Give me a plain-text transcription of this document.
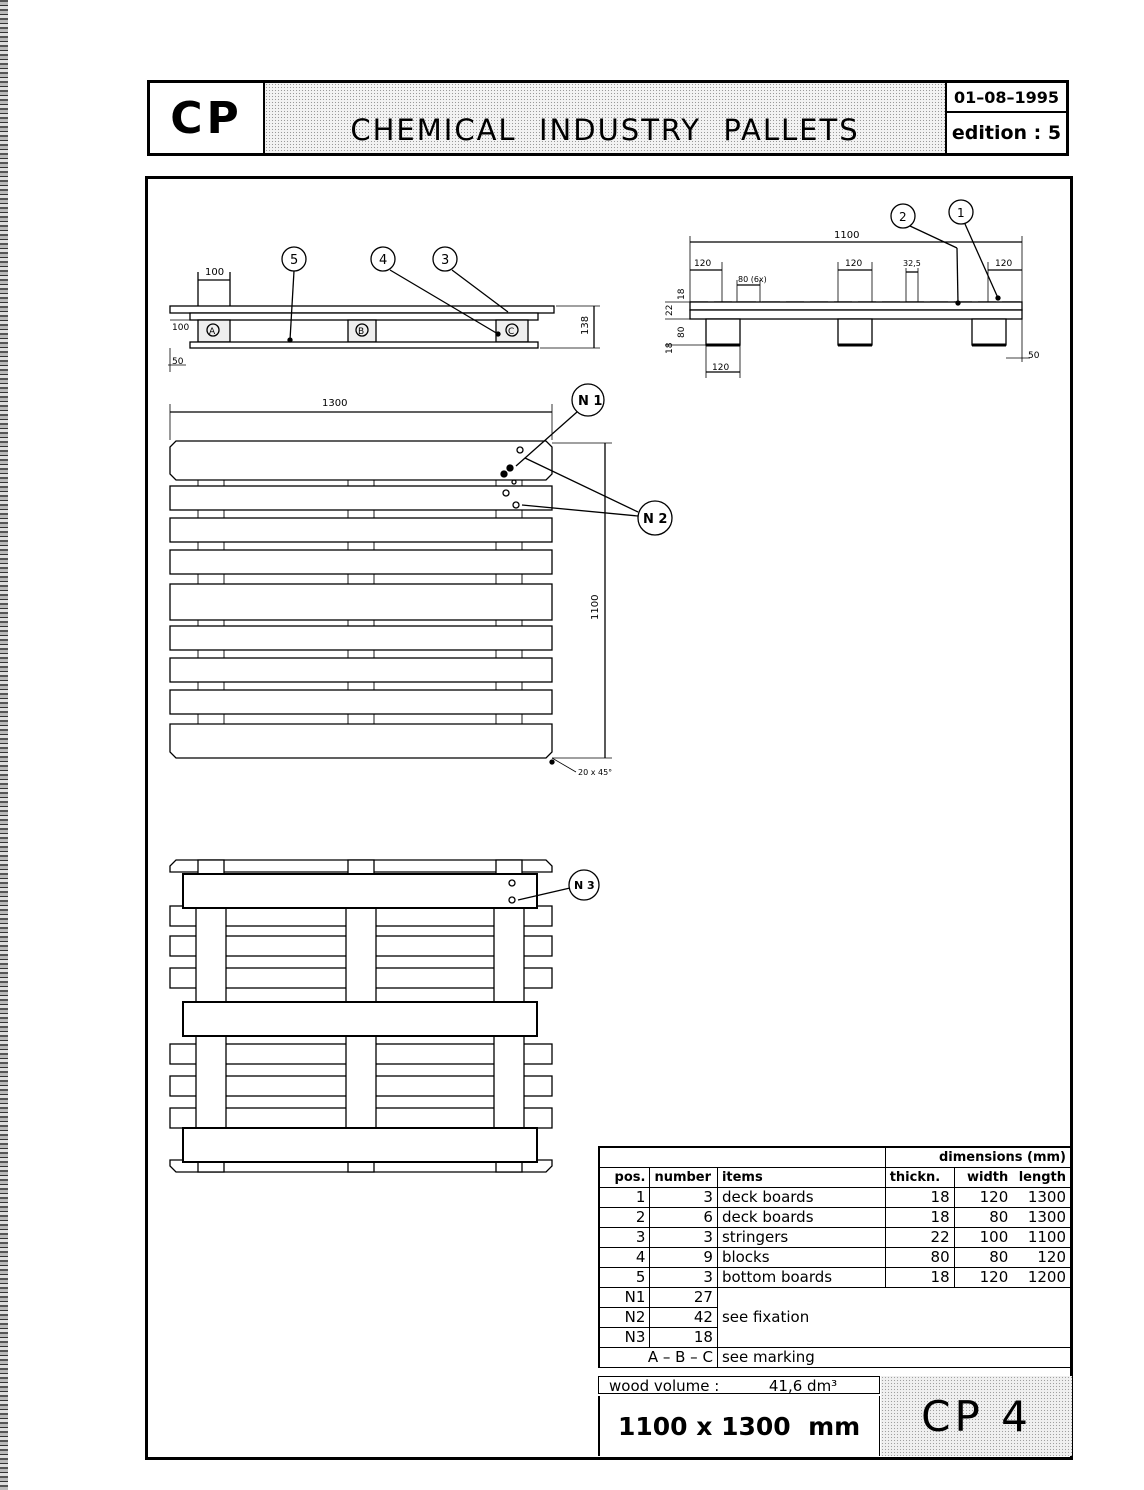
CP	CHEMICAL  INDUSTRY  PALLETS
01–08–1995
edition : 5
100
100
50
138
5	4	3
A	B	C
1100
120
80 (6x)
120	32,5	120
22
18
80
18
50
120
2	1
1300
1100
20 x 45°
N 1
N 2
N 3
			dimensions (mm)		
pos.	number	items	thickn.	width	length
1	3	deck boards	18	120	1300
2	6	deck boards	18	80	1300
3	3	stringers	22	100	1100
4	9	blocks	80	80	120
5	3	bottom boards	18	120	1200
N1	27	see fixation			
N2	42				
N3	18				
A – B – C		see marking			
wood volume :	41,6 dm³
1100 x 1300  mm	CP 4
